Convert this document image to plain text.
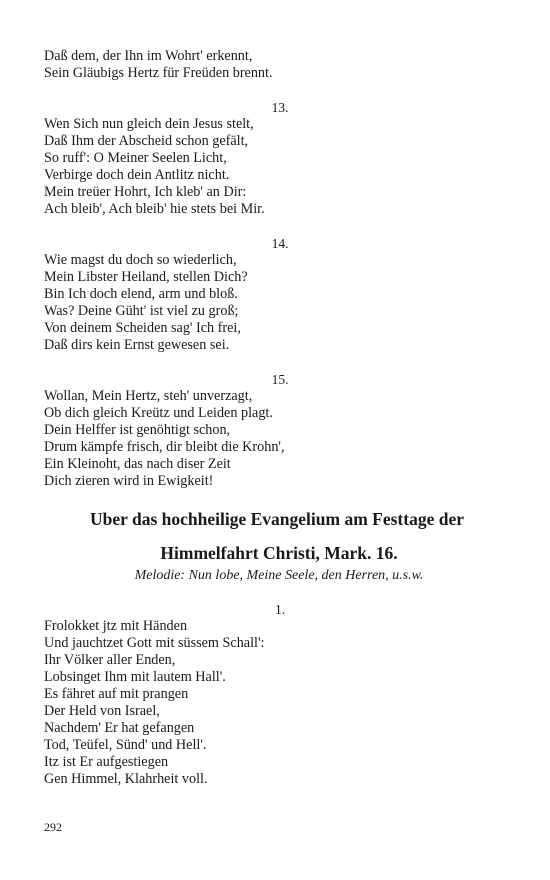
Daß dem, der Ihn im Wohrt' erkennt,
Sein Gläubigs Hertz für Freüden brennt.
13.
Wen Sich nun gleich dein Jesus stelt,
Daß Ihm der Abscheid schon gefält,
So ruff': O Meiner Seelen Licht,
Verbirge doch dein Antlitz nicht.
Mein treüer Hohrt, Ich kleb' an Dir:
Ach bleib', Ach bleib' hie stets bei Mir.
14.
Wie magst du doch so wiederlich,
Mein Libster Heiland, stellen Dich?
Bin Ich doch elend, arm und bloß.
Was? Deine Güht' ist viel zu groß;
Von deinem Scheiden sag' Ich frei,
Daß dirs kein Ernst gewesen sei.
15.
Wollan, Mein Hertz, steh' unverzagt,
Ob dich gleich Kreütz und Leiden plagt.
Dein Helffer ist genöhtigt schon,
Drum kämpfe frisch, dir bleibt die Krohn',
Ein Kleinoht, das nach diser Zeit
Dich zieren wird in Ewigkeit!
Uber das hochheilige Evangelium am Festtage der
Himmelfahrt Christi, Mark. 16.
Melodie: Nun lobe, Meine Seele, den Herren, u.s.w.
1.
Frolokket jtz mit Händen
Und jauchtzet Gott mit süssem Schall':
Ihr Völker aller Enden,
Lobsinget Ihm mit lautem Hall'.
Es fähret auf mit prangen
Der Held von Israel,
Nachdem' Er hat gefangen
Tod, Teüfel, Sünd' und Hell'.
Itz ist Er aufgestiegen
Gen Himmel, Klahrheit voll.
292
